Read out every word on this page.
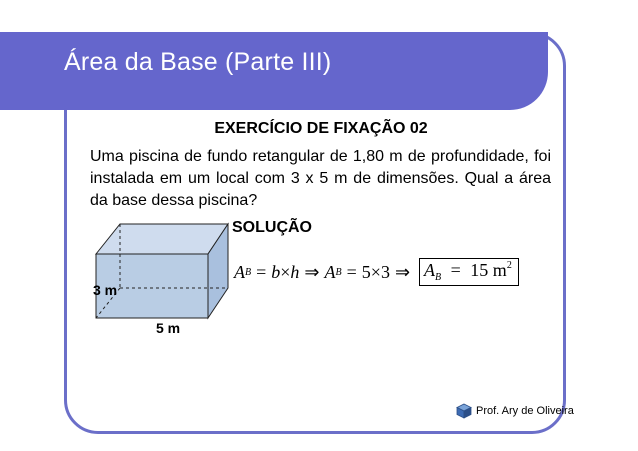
Área da Base (Parte III)
EXERCÍCIO DE FIXAÇÃO 02
Uma piscina de fundo retangular de 1,80 m de profundidade, foi instalada em um local com 3 x 5 m de dimensões. Qual a área da base dessa piscina?
SOLUÇÃO
3 m
5 m
A B = b × h ⇒ A B = 5 × 3 ⇒ $A_B = 15$ $m^2$
Prof. Ary de Oliveira
